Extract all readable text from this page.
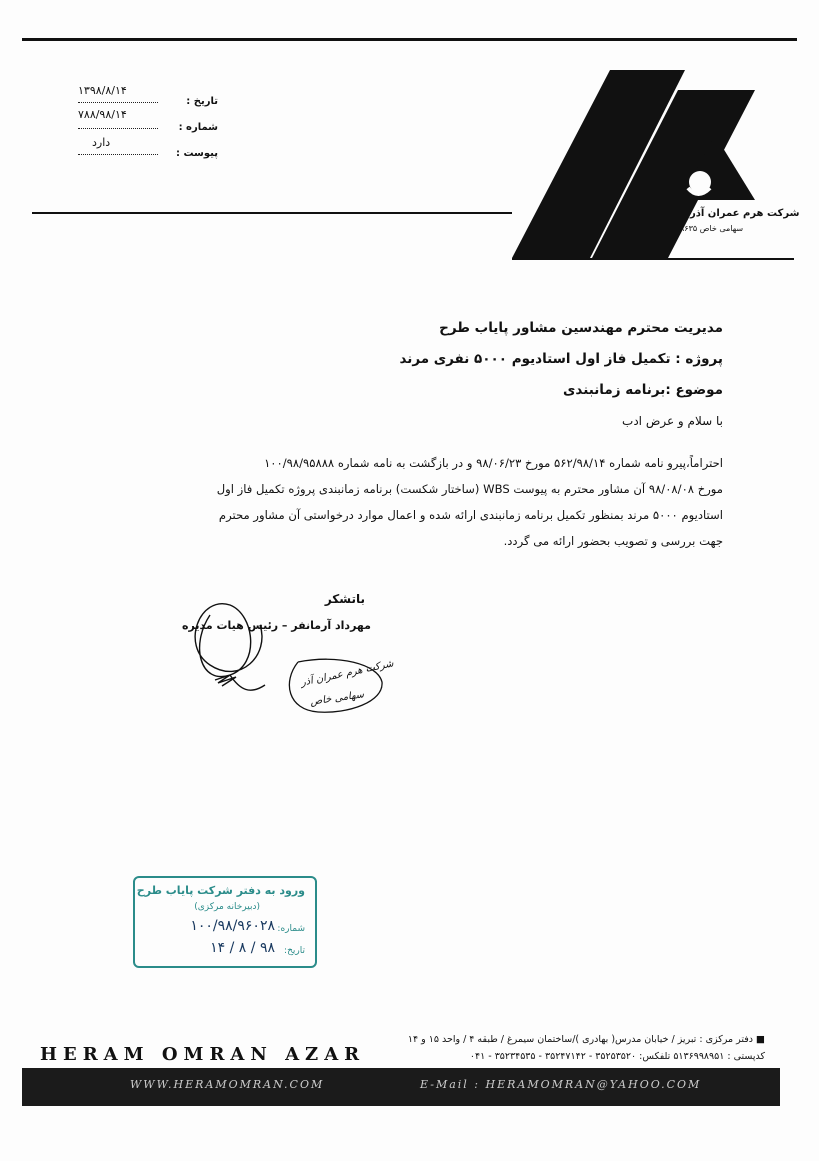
۱۳۹۸/۸/۱۴
تاریخ :
۷۸۸/۹۸/۱۴
شماره :
دارد
پیوست :
شرکت هرم عمران آذر
سهامی خاص ۸۶۳۵
مدیریت محترم مهندسین مشاور پایاب طرح
پروژه : تکمیل فاز اول استادیوم ۵۰۰۰ نفری مرند
موضوع :برنامه زمانبندی
با سلام و عرض ادب
احتراماً،پیرو نامه شماره ۵۶۲/۹۸/۱۴ مورخ ۹۸/۰۶/۲۳ و در بازگشت به نامه شماره ۱۰۰/۹۸/۹۵۸۸۸
مورخ ۹۸/۰۸/۰۸ آن مشاور محترم به پیوست WBS (ساختار شکست) برنامه زمانبندی پروژه تکمیل فاز اول
استادیوم ۵۰۰۰ مرند بمنظور تکمیل برنامه زمانبندی ارائه شده و اعمال موارد درخواستی آن مشاور محترم
جهت بررسی و تصویب بحضور ارائه می گردد.
باتشکر
مهرداد آرمانفر – رئیس هیات مدیره
شرکت هرم عمران آذر
سهامی خاص
ورود به دفتر شرکت پایاب طرح
(دبیرخانه مرکزی)
شماره:
۱۰۰/۹۸/۹۶۰۲۸
تاریخ:
۹۸ / ۸ / ۱۴
HERAM OMRAN AZAR
■ دفتر مرکزی : تبریز / خیابان مدرس( بهادری )/ساختمان سیمرغ / طبقه ۴ / واحد ۱۵ و ۱۴
کدپستی : ۵۱۳۶۹۹۸۹۵۱ تلفکس: ۳۵۲۵۳۵۲۰ - ۳۵۲۴۷۱۴۲ - ۳۵۲۳۴۵۳۵ - ۰۴۱
WWW.HERAMOMRAN.COM	E-Mail : HERAMOMRAN@YAHOO.COM
